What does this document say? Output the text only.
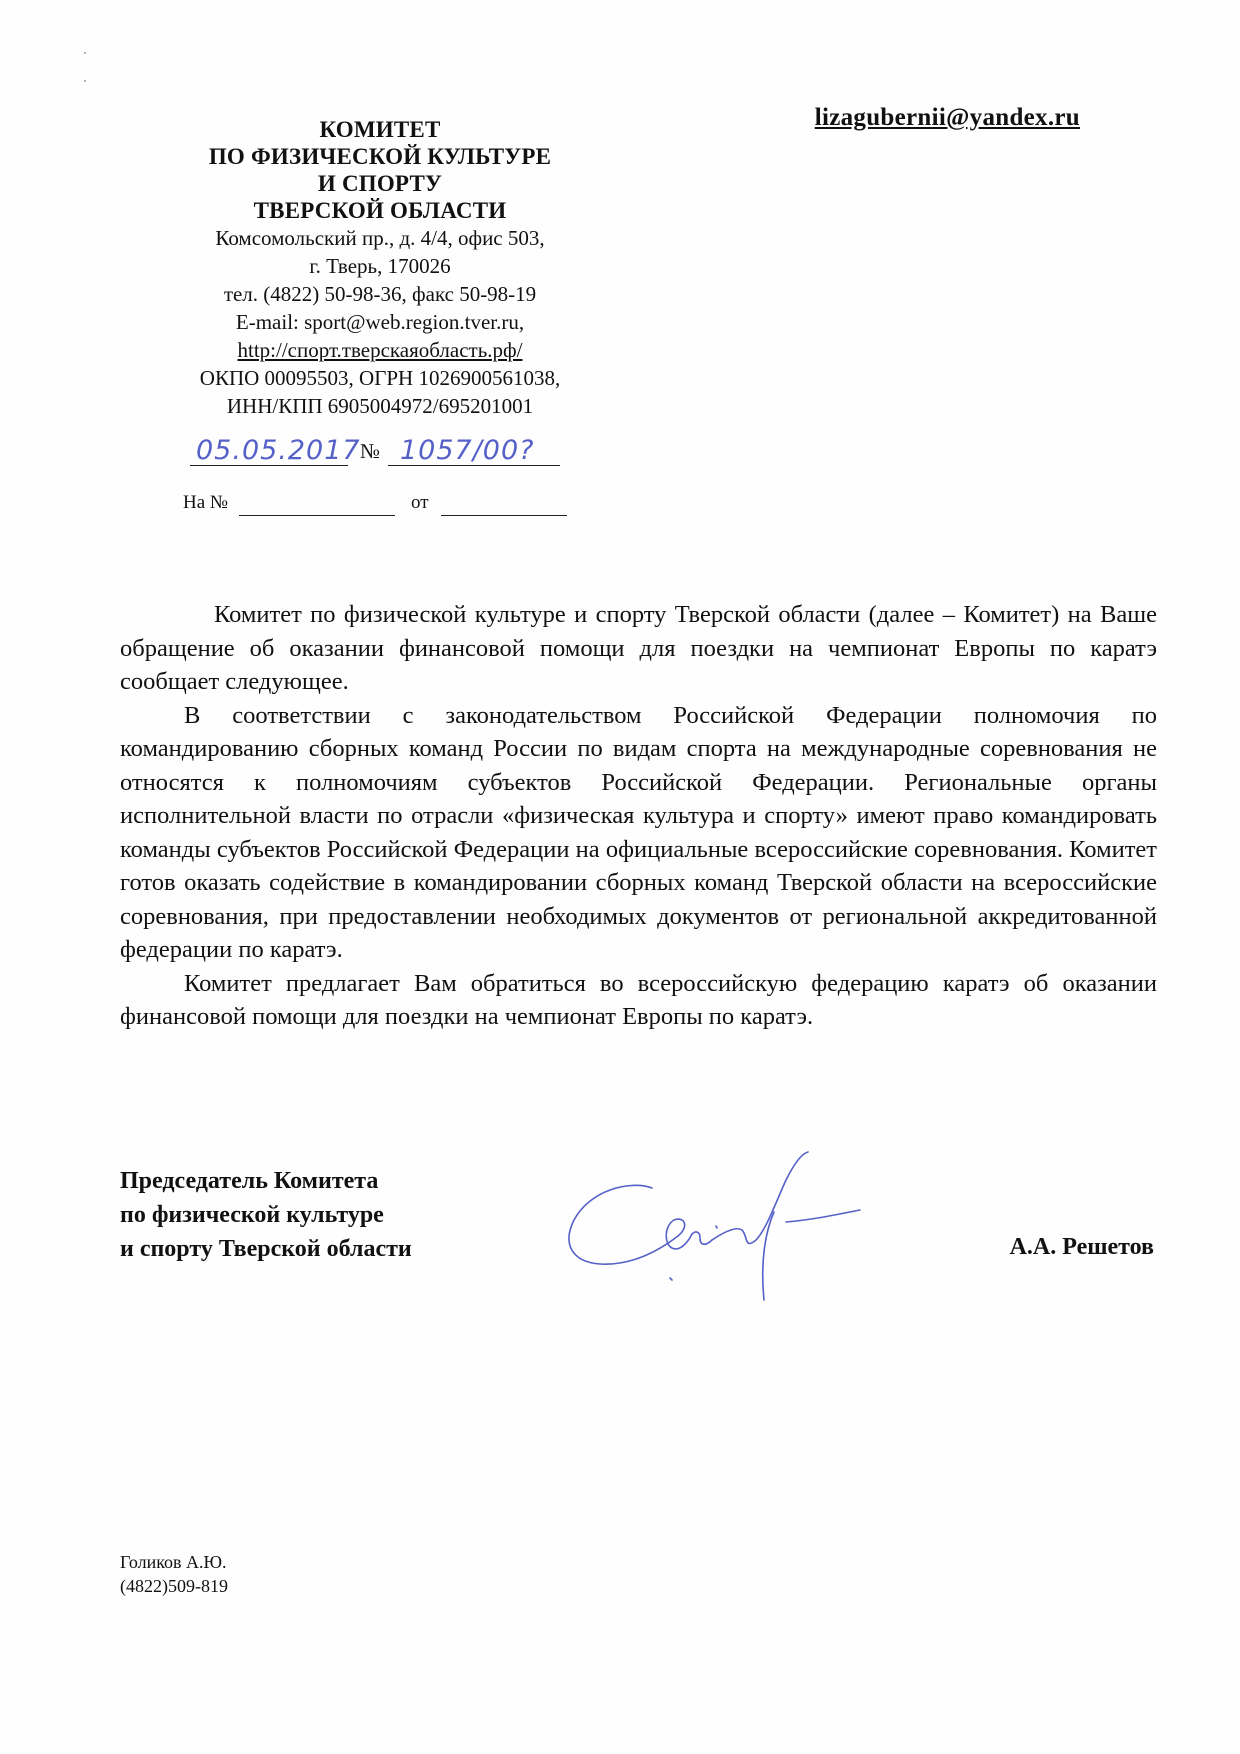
КОМИТЕТ
ПО ФИЗИЧЕСКОЙ КУЛЬТУРЕ
И СПОРТУ
ТВЕРСКОЙ ОБЛАСТИ
Комсомольский пр., д. 4/4, офис 503,
г. Тверь, 170026
тел. (4822) 50-98-36, факс 50-98-19
E-mail: sport@web.region.tver.ru,
http://спорт.тверскаяобласть.рф/
ОКПО 00095503, ОГРН 1026900561038,
ИНН/КПП 6905004972/695201001
05.05.2017 № 1057/00?
На №	от
lizagubernii@yandex.ru

Комитет по физической культуре и спорту Тверской области (далее – Комитет) на Ваше обращение об оказании финансовой помощи для поездки на чемпионат Европы по каратэ сообщает следующее.

В соответствии с законодательством Российской Федерации полномочия по командированию сборных команд России по видам спорта на международные соревнования не относятся к полномочиям субъектов Российской Федерации. Региональные органы исполнительной власти по отрасли «физическая культура и спорту» имеют право командировать команды субъектов Российской Федерации на официальные всероссийские соревнования. Комитет готов оказать содействие в командировании сборных команд Тверской области на всероссийские соревнования, при предоставлении необходимых документов от региональной аккредитованной федерации по каратэ.

Комитет предлагает Вам обратиться во всероссийскую федерацию каратэ об оказании финансовой помощи для поездки на чемпионат Европы по каратэ.

Председатель Комитета
по физической культуре
и спорту Тверской области	А.А. Решетов
Голиков А.Ю.
(4822)509-819
